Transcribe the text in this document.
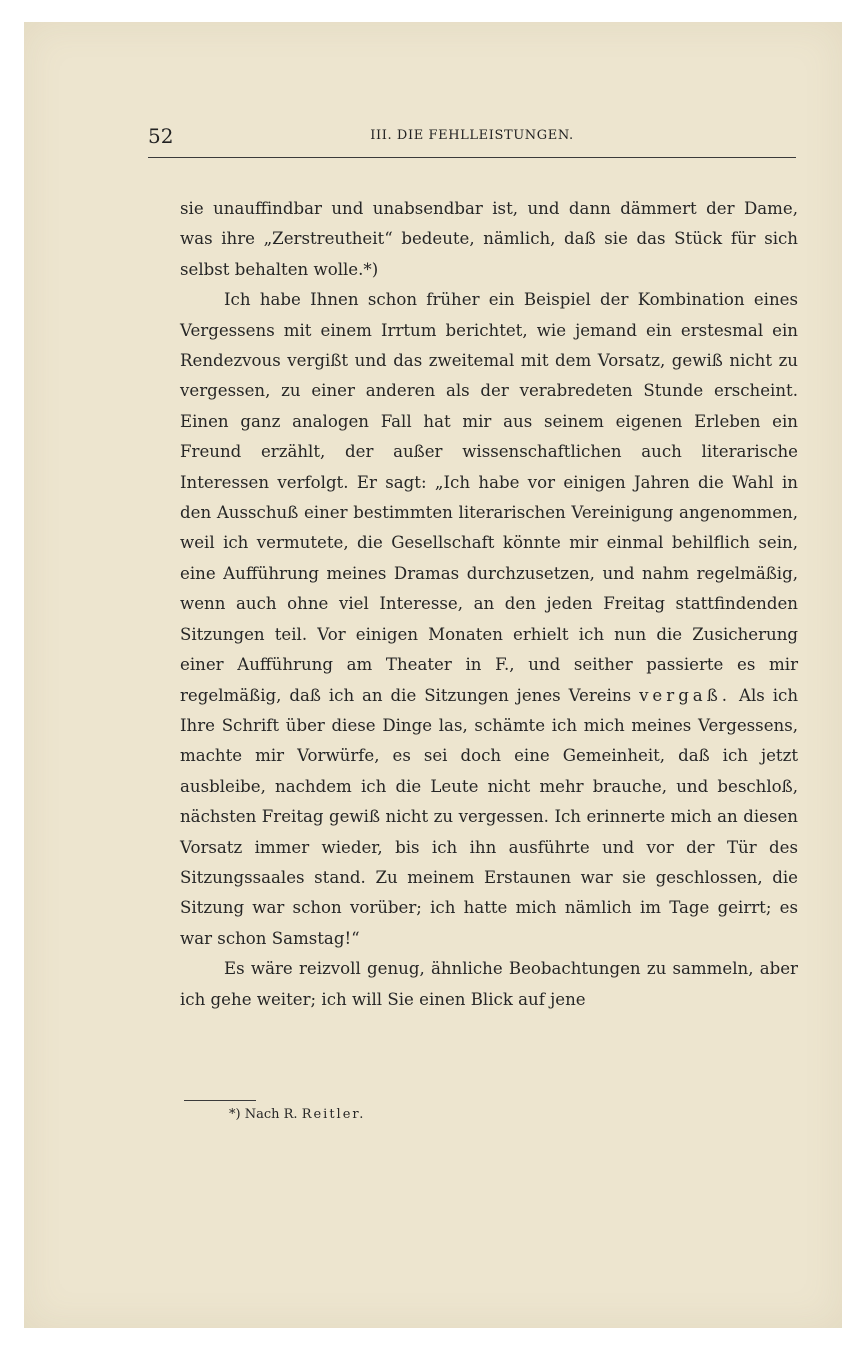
52	III. DIE FEHLLEISTUNGEN.

sie unauffindbar und unabsendbar ist, und dann dämmert der Dame, was ihre „Zerstreutheit“ bedeute, nämlich, daß sie das Stück für sich selbst behalten wolle.*)

Ich habe Ihnen schon früher ein Beispiel der Kombination eines Vergessens mit einem Irrtum berichtet, wie jemand ein erstesmal ein Rendezvous vergißt und das zweitemal mit dem Vorsatz, gewiß nicht zu vergessen, zu einer anderen als der verabredeten Stunde erscheint. Einen ganz analogen Fall hat mir aus seinem eigenen Erleben ein Freund erzählt, der außer wissenschaftlichen auch literarische Interessen verfolgt. Er sagt: „Ich habe vor einigen Jahren die Wahl in den Ausschuß einer bestimmten literarischen Vereinigung angenommen, weil ich vermutete, die Gesellschaft könnte mir einmal behilflich sein, eine Aufführung meines Dramas durchzusetzen, und nahm regelmäßig, wenn auch ohne viel Interesse, an den jeden Freitag stattfindenden Sitzungen teil. Vor einigen Monaten erhielt ich nun die Zusicherung einer Aufführung am Theater in F., und seither passierte es mir regelmäßig, daß ich an die Sitzungen jenes Vereins vergaß. Als ich Ihre Schrift über diese Dinge las, schämte ich mich meines Vergessens, machte mir Vorwürfe, es sei doch eine Gemeinheit, daß ich jetzt ausbleibe, nachdem ich die Leute nicht mehr brauche, und beschloß, nächsten Freitag gewiß nicht zu vergessen. Ich erinnerte mich an diesen Vorsatz immer wieder, bis ich ihn ausführte und vor der Tür des Sitzungssaales stand. Zu meinem Erstaunen war sie geschlossen, die Sitzung war schon vorüber; ich hatte mich nämlich im Tage geirrt; es war schon Samstag!“

Es wäre reizvoll genug, ähnliche Beobachtungen zu sammeln, aber ich gehe weiter; ich will Sie einen Blick auf jene

*) Nach R. Reitler.
